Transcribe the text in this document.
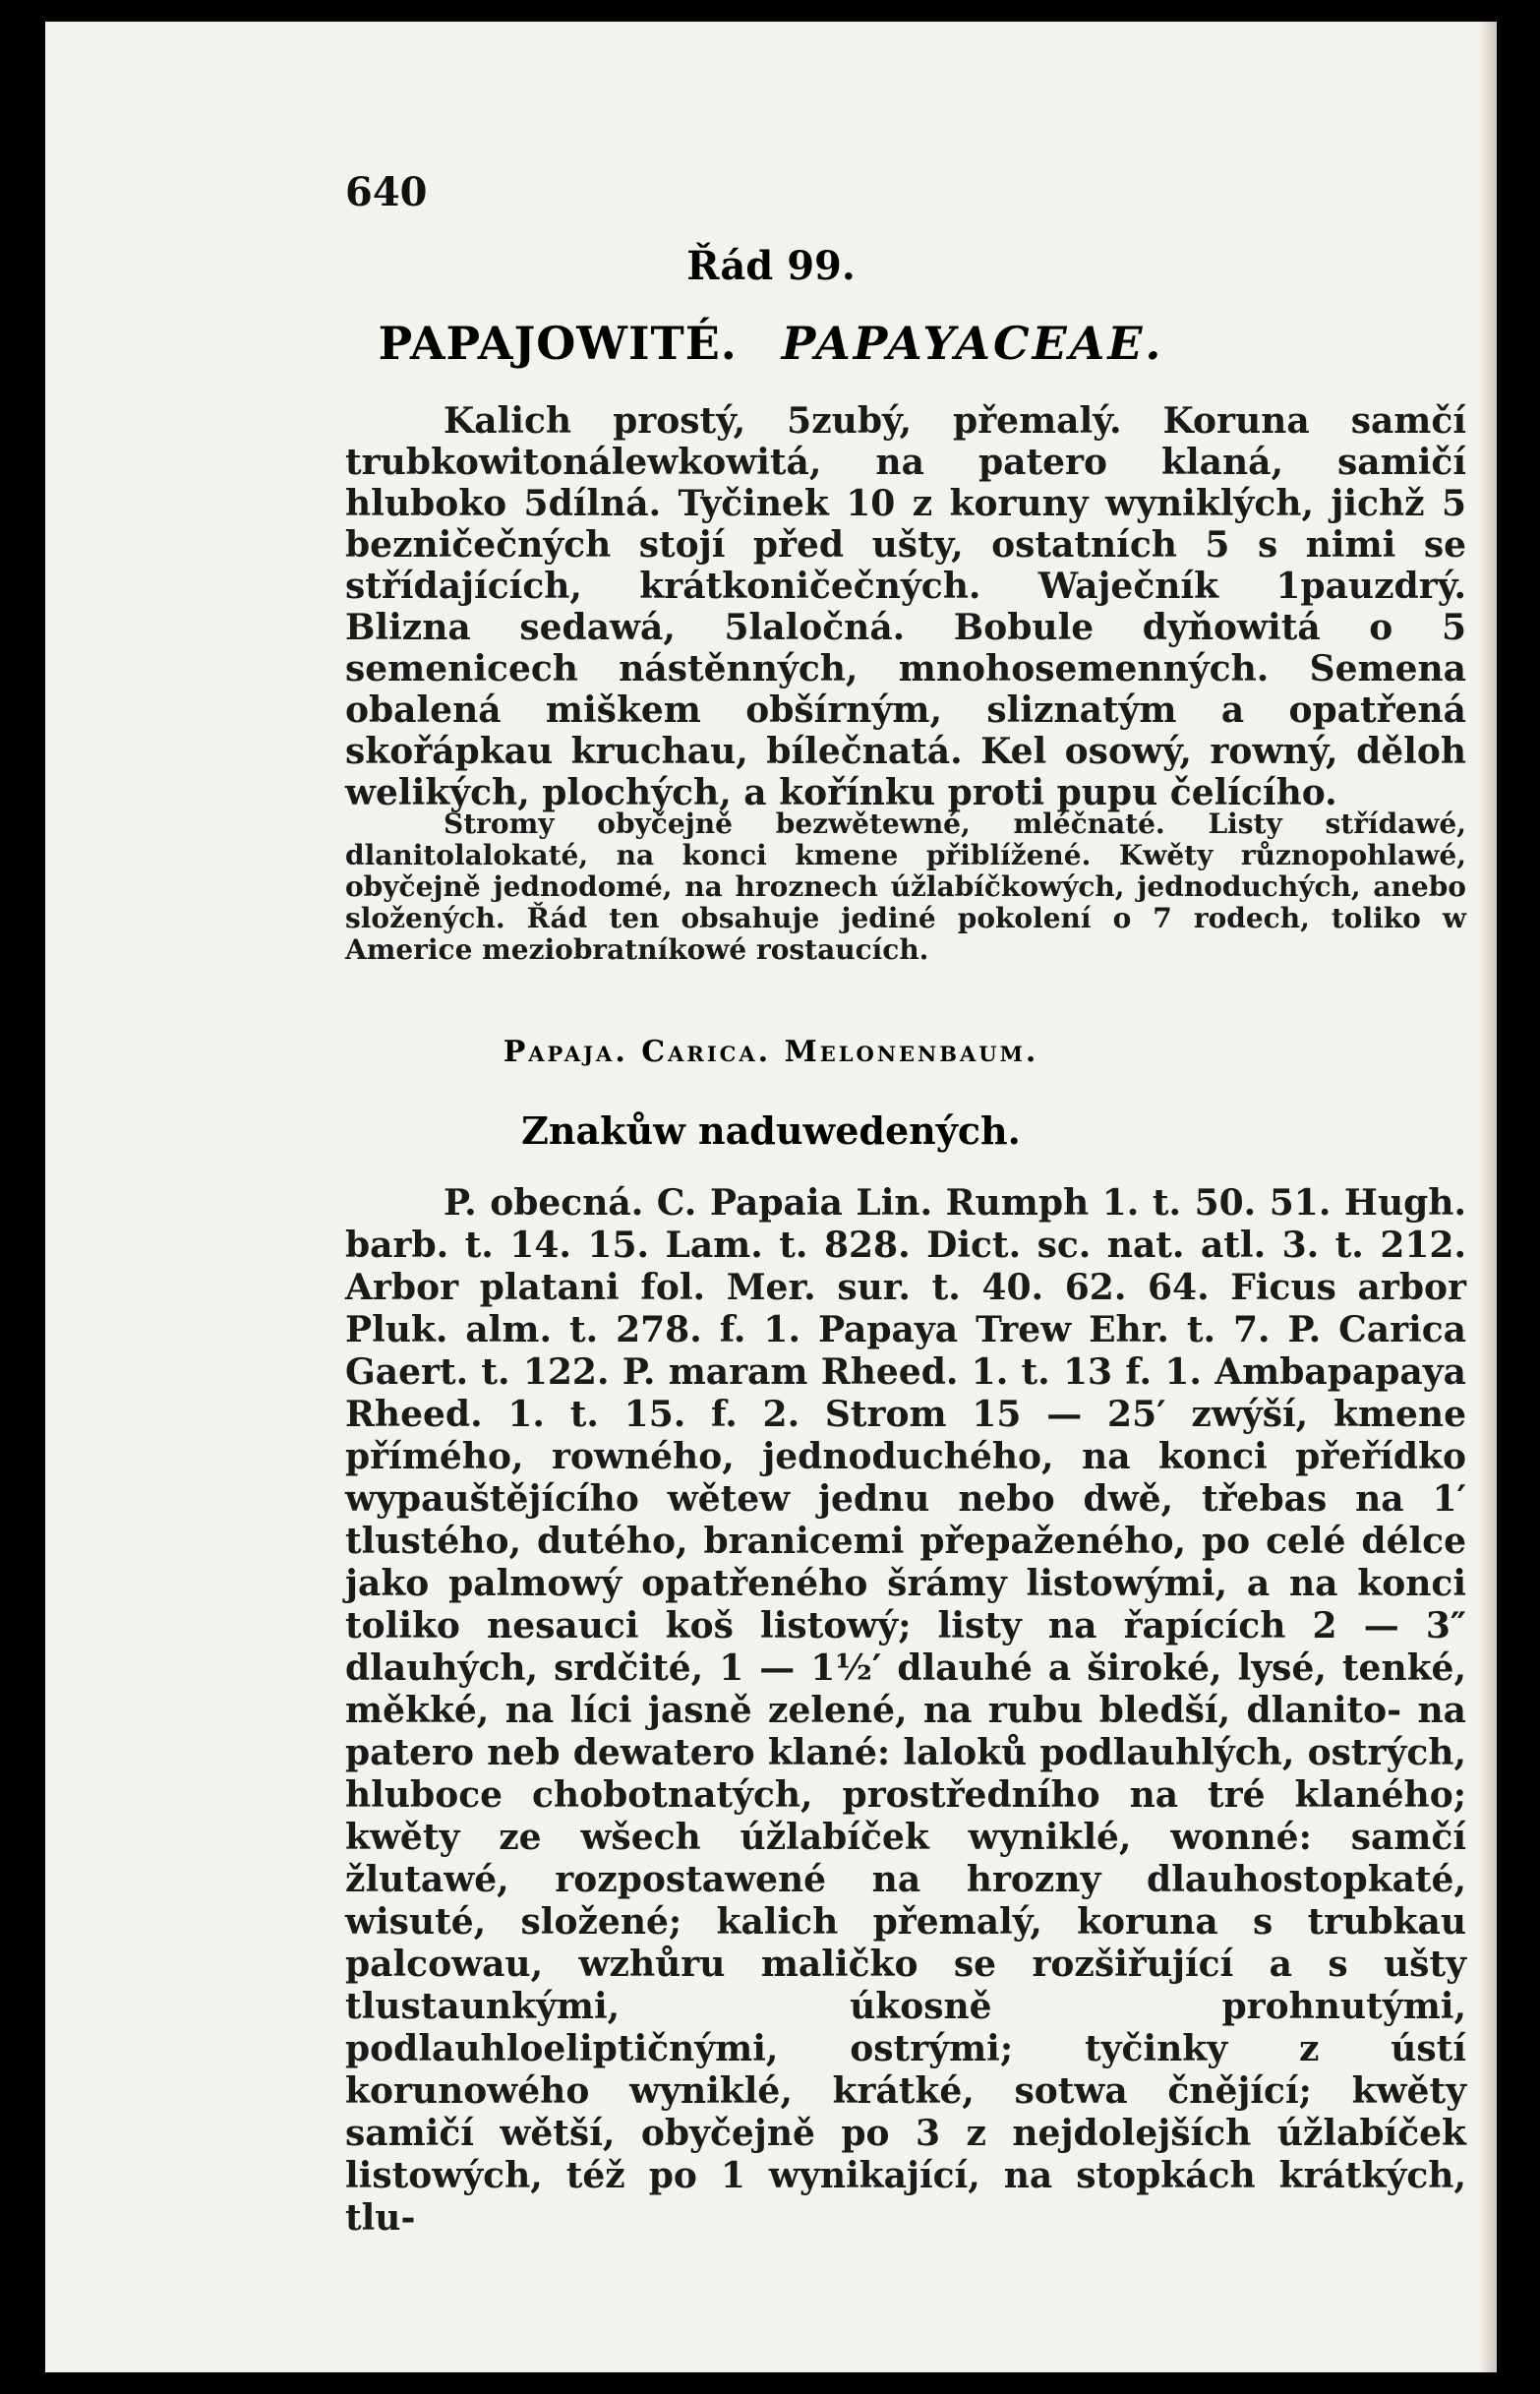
640
Řád 99.
PAPAJOWITÉ. PAPAYACEAE.
Kalich prostý, 5zubý, přemalý. Koruna samčí trubkowitonálewkowitá, na patero klaná, samičí hluboko 5dílná. Tyčinek 10 z koruny wyniklých, jichž 5 bezničečných stojí před ušty, ostatních 5 s nimi se střídajících, krátkoničečných. Waječník 1pauzdrý. Blizna sedawá, 5laločná. Bobule dyňowitá o 5 semenicech nástěnných, mnohosemenných. Semena obalená miškem obšírným, sliznatým a opatřená skořápkau kruchau, bílečnatá. Kel osowý, rowný, děloh welikých, plochých, a kořínku proti pupu čelícího.
Stromy obyčejně bezwětewné, mléčnaté. Listy střídawé, dlanitolalokaté, na konci kmene přiblížené. Kwěty různopohlawé, obyčejně jednodomé, na hroznech úžlabíčkowých, jednoduchých, anebo složených. Řád ten obsahuje jediné pokolení o 7 rodech, toliko w Americe meziobratníkowé rostaucích.
Papaja. Carica. Melonenbaum.
Znakůw naduwedených.
P. obecná. C. Papaia Lin. Rumph 1. t. 50. 51. Hugh. barb. t. 14. 15. Lam. t. 828. Dict. sc. nat. atl. 3. t. 212. Arbor platani fol. Mer. sur. t. 40. 62. 64. Ficus arbor Pluk. alm. t. 278. f. 1. Papaya Trew Ehr. t. 7. P. Carica Gaert. t. 122. P. maram Rheed. 1. t. 13 f. 1. Ambapapaya Rheed. 1. t. 15. f. 2. Strom 15 — 25′ zwýší, kmene přímého, rowného, jednoduchého, na konci přeřídko wypauštějícího wětew jednu nebo dwě, třebas na 1′ tlustého, dutého, branicemi přepaženého, po celé délce jako palmowý opatřeného šrámy listowými, a na konci toliko nesauci koš listowý; listy na řapících 2 — 3″ dlauhých, srdčité, 1 — 1½′ dlauhé a široké, lysé, tenké, měkké, na líci jasně zelené, na rubu bledší, dlanito- na patero neb dewatero klané: laloků podlauhlých, ostrých, hluboce chobotnatých, prostředního na tré klaného; kwěty ze wšech úžlabíček wyniklé, wonné: samčí žlutawé, rozpostawené na hrozny dlauhostopkaté, wisuté, složené; kalich přemalý, koruna s trubkau palcowau, wzhůru maličko se rozšiřující a s ušty tlustaunkými, úkosně prohnutými, podlauhloeliptičnými, ostrými; tyčinky z ústí korunowého wyniklé, krátké, sotwa čnějící; kwěty samičí wětší, obyčejně po 3 z nejdolejších úžlabíček listowých, též po 1 wynikající, na stopkách krátkých, tlu-
